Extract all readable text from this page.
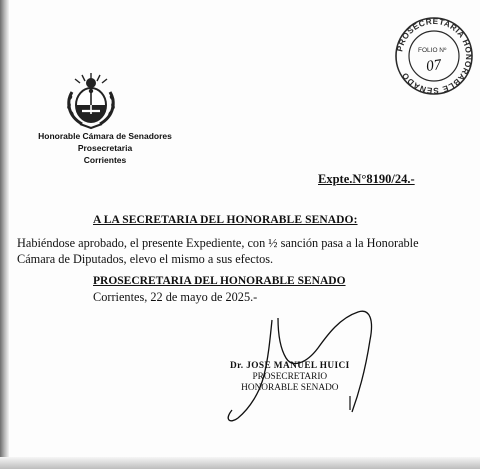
Honorable Cámara de Senadores
Prosecretaria
Corrientes
PROSECRETARIA HONORABLE SENADO
FOLIO Nº
07
Expte.N°8190/24.-
A LA SECRETARIA DEL HONORABLE SENADO:
Habiéndose aprobado, el presente Expediente, con ½ sanción pasa a la Honorable
Cámara de Diputados, elevo el mismo a sus efectos.
PROSECRETARIA DEL HONORABLE SENADO
Corrientes, 22 de mayo de 2025.-
Dr. JOSE MANUEL HUICI
PROSECRETARIO
HONORABLE SENADO
